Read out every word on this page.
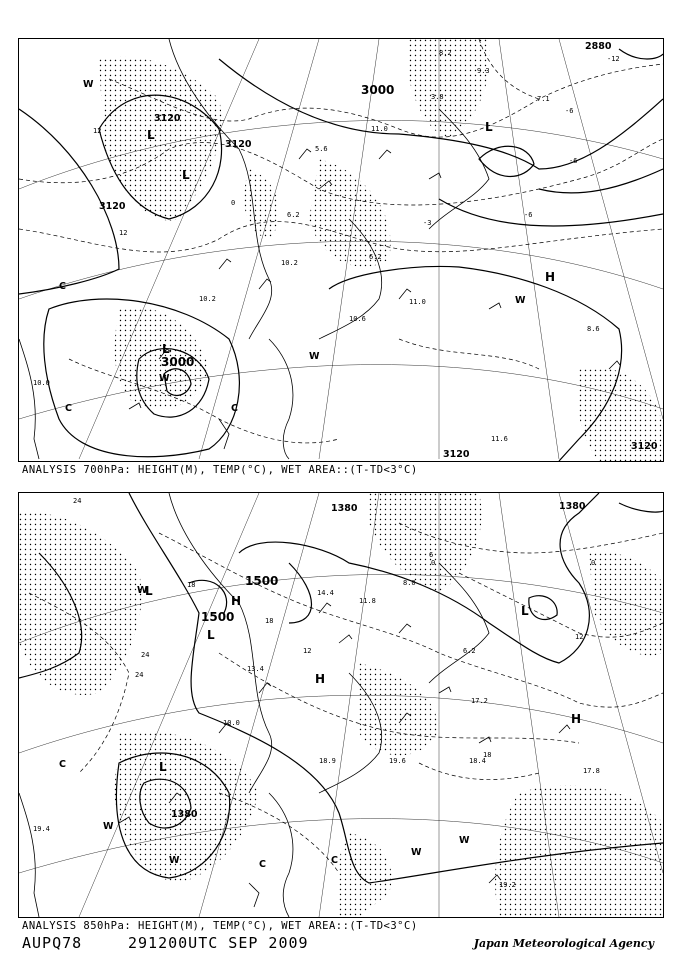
3000
3120
3120
3120
3000
3120
2880
3120
L
L
L
L
H
12
12
-3
-6
-6
-6
-12
0
5.6
11.0
3.8
6.2
10.2
10.6
6.2
11.0
8.6
11.6
9.3
10.2
8.2
7.1
10.0
C
C	C
W
W
W
W
ANALYSIS 700hPa: HEIGHT(M), TEMP(°C), WET AREA::(T-TD<3°C)
1500
1500
1380
1380	1380
L
L
L
H
H
L
H
24
24
18
18
18
12
12
6
0
0
24
14.4
11.8
8.0
6.2
17.2
18.4
17.8
19.2
19.6
13.4
18.9
19.4
10.0
C
C
C
W
W
W
W
W
ANALYSIS 850hPa: HEIGHT(M), TEMP(°C), WET AREA::(T-TD<3°C)
AUPQ78	291200UTC SEP 2009	Japan Meteorological Agency
